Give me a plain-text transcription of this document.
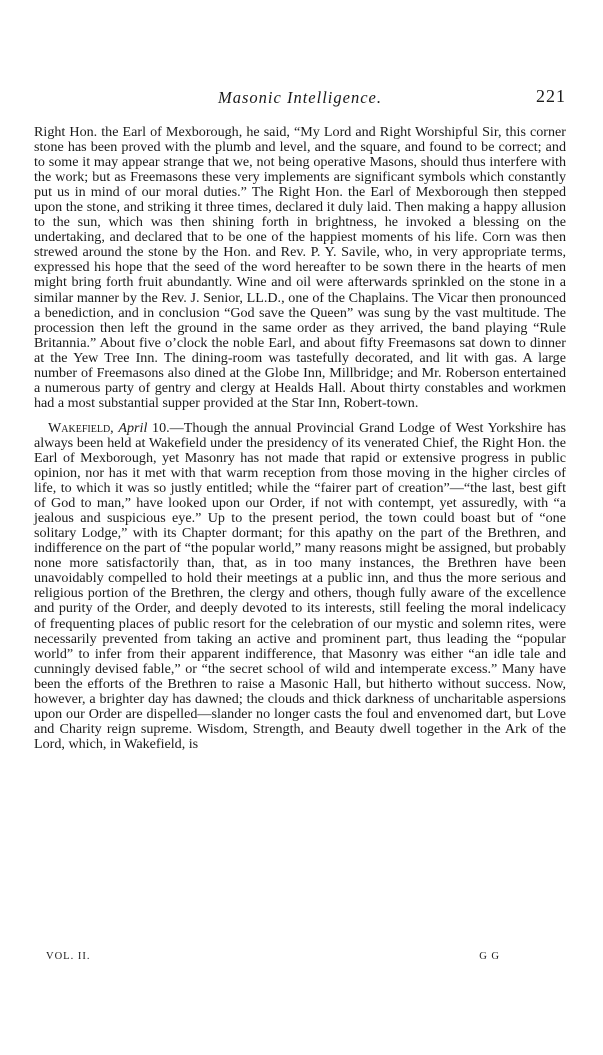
Masonic Intelligence.	221

Right Hon. the Earl of Mexborough, he said, “My Lord and Right Worshipful Sir, this corner stone has been proved with the plumb and level, and the square, and found to be correct; and to some it may appear strange that we, not being operative Masons, should thus interfere with the work; but as Freemasons these very implements are significant symbols which constantly put us in mind of our moral duties.” The Right Hon. the Earl of Mexborough then stepped upon the stone, and striking it three times, declared it duly laid. Then making a happy allusion to the sun, which was then shining forth in brightness, he invoked a blessing on the undertaking, and declared that to be one of the happiest moments of his life. Corn was then strewed around the stone by the Hon. and Rev. P. Y. Savile, who, in very appropriate terms, expressed his hope that the seed of the word hereafter to be sown there in the hearts of men might bring forth fruit abundantly. Wine and oil were afterwards sprinkled on the stone in a similar manner by the Rev. J. Senior, LL.D., one of the Chaplains. The Vicar then pronounced a benediction, and in conclusion “God save the Queen” was sung by the vast multitude. The procession then left the ground in the same order as they arrived, the band playing “Rule Britannia.” About five o’clock the noble Earl, and about fifty Freemasons sat down to dinner at the Yew Tree Inn. The dining-room was tastefully decorated, and lit with gas. A large number of Freemasons also dined at the Globe Inn, Millbridge; and Mr. Roberson entertained a numerous party of gentry and clergy at Healds Hall. About thirty constables and workmen had a most substantial supper provided at the Star Inn, Robert-town.

Wakefield, April 10.—Though the annual Provincial Grand Lodge of West Yorkshire has always been held at Wakefield under the presidency of its venerated Chief, the Right Hon. the Earl of Mexborough, yet Masonry has not made that rapid or extensive progress in public opinion, nor has it met with that warm reception from those moving in the higher circles of life, to which it was so justly entitled; while the “fairer part of creation”—“the last, best gift of God to man,” have looked upon our Order, if not with contempt, yet assuredly, with “a jealous and suspicious eye.” Up to the present period, the town could boast but of “one solitary Lodge,” with its Chapter dormant; for this apathy on the part of the Brethren, and indifference on the part of “the popular world,” many reasons might be assigned, but probably none more satisfactorily than, that, as in too many instances, the Brethren have been unavoidably compelled to hold their meetings at a public inn, and thus the more serious and religious portion of the Brethren, the clergy and others, though fully aware of the excellence and purity of the Order, and deeply devoted to its interests, still feeling the moral indelicacy of frequenting places of public resort for the celebration of our mystic and solemn rites, were necessarily prevented from taking an active and prominent part, thus leading the “popular world” to infer from their apparent indifference, that Masonry was either “an idle tale and cunningly devised fable,” or “the secret school of wild and intemperate excess.” Many have been the efforts of the Brethren to raise a Masonic Hall, but hitherto without success. Now, however, a brighter day has dawned; the clouds and thick darkness of uncharitable aspersions upon our Order are dispelled—slander no longer casts the foul and envenomed dart, but Love and Charity reign supreme. Wisdom, Strength, and Beauty dwell together in the Ark of the Lord, which, in Wakefield, is

VOL. II.	G G
